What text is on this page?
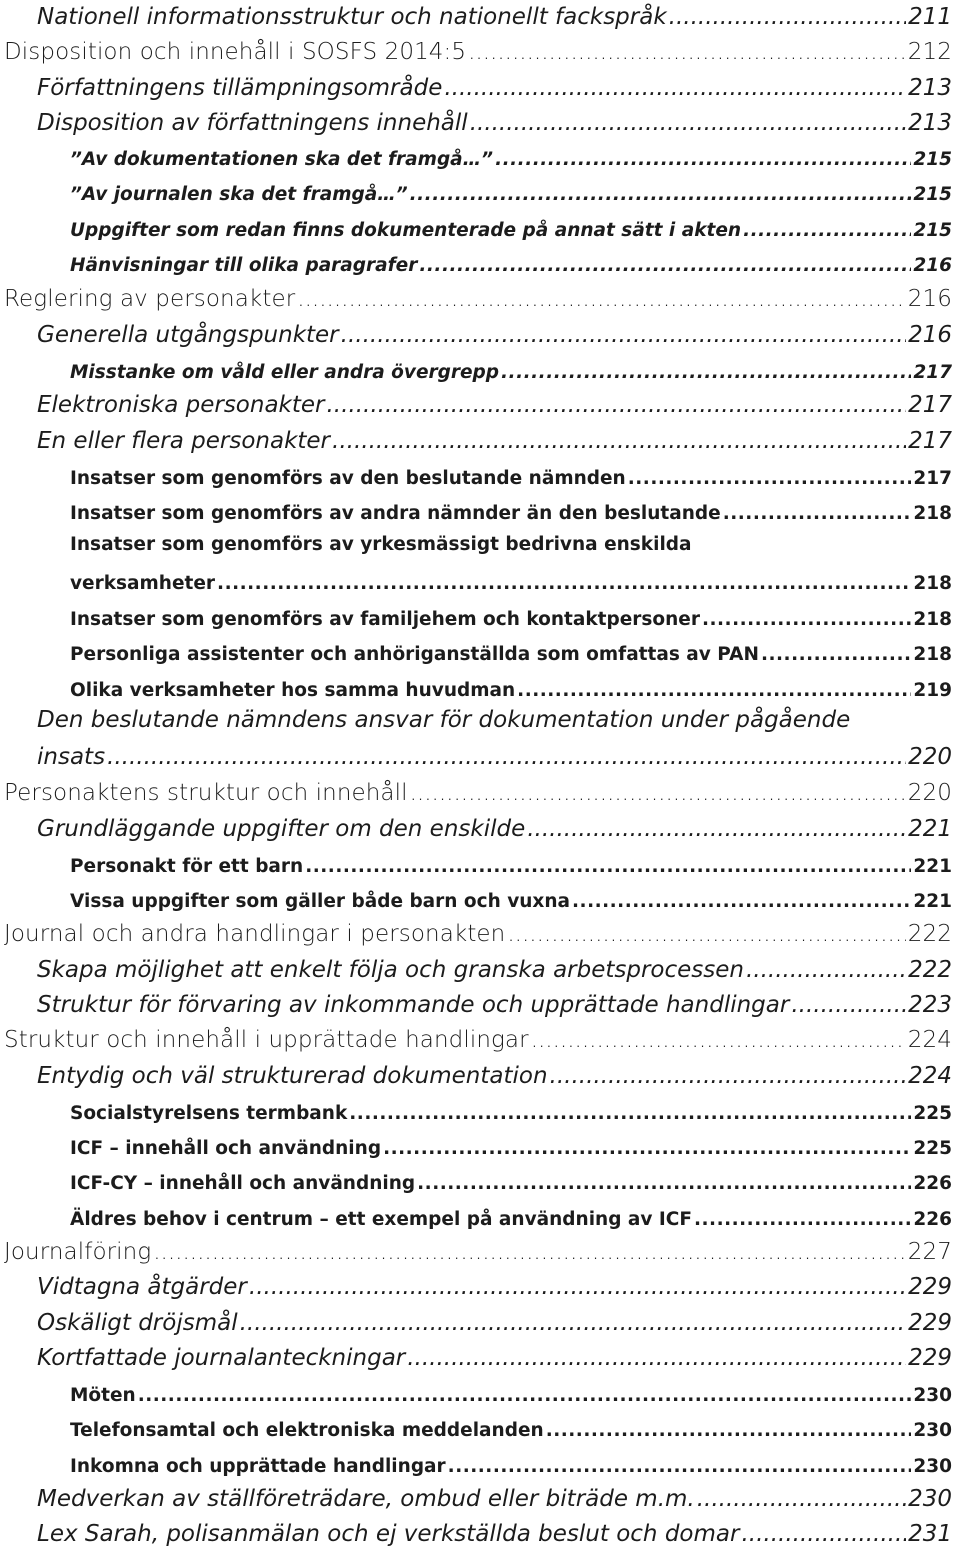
Nationell informationsstruktur och nationellt fackspråk .....	211
Disposition och innehåll i SOSFS 2014:5 .....	212
Författningens tillämpningsområde .....	213
Disposition av författningens innehåll .....	213
”Av dokumentationen ska det framgå…” .....	215
”Av journalen ska det framgå…” .....	215
Uppgifter som redan finns dokumenterade på annat sätt i akten .....	215
Hänvisningar till olika paragrafer .....	216
Reglering av personakter .....	216
Generella utgångspunkter .....	216
Misstanke om våld eller andra övergrepp .....	217
Elektroniska personakter .....	217
En eller flera personakter .....	217
Insatser som genomförs av den beslutande nämnden .....	217
Insatser som genomförs av andra nämnder än den beslutande .....	218
Insatser som genomförs av yrkesmässigt bedrivna enskilda
verksamheter .....	218
Insatser som genomförs av familjehem och kontaktpersoner .....	218
Personliga assistenter och anhöriganställda som omfattas av PAN .....	218
Olika verksamheter hos samma huvudman .....	219
Den beslutande nämndens ansvar för dokumentation under pågående
insats .....	220
Personaktens struktur och innehåll .....	220
Grundläggande uppgifter om den enskilde .....	221
Personakt för ett barn .....	221
Vissa uppgifter som gäller både barn och vuxna .....	221
Journal och andra handlingar i personakten .....	222
Skapa möjlighet att enkelt följa och granska arbetsprocessen .....	222
Struktur för förvaring av inkommande och upprättade handlingar .....	223
Struktur och innehåll i upprättade handlingar .....	224
Entydig och väl strukturerad dokumentation .....	224
Socialstyrelsens termbank .....	225
ICF – innehåll och användning .....	225
ICF-CY – innehåll och användning .....	226
Äldres behov i centrum – ett exempel på användning av ICF .....	226
Journalföring .....	227
Vidtagna åtgärder .....	229
Oskäligt dröjsmål .....	229
Kortfattade journalanteckningar .....	229
Möten .....	230
Telefonsamtal och elektroniska meddelanden .....	230
Inkomna och upprättade handlingar .....	230
Medverkan av ställföreträdare, ombud eller biträde m.m. .....	230
Lex Sarah, polisanmälan och ej verkställda beslut och domar .....	231
